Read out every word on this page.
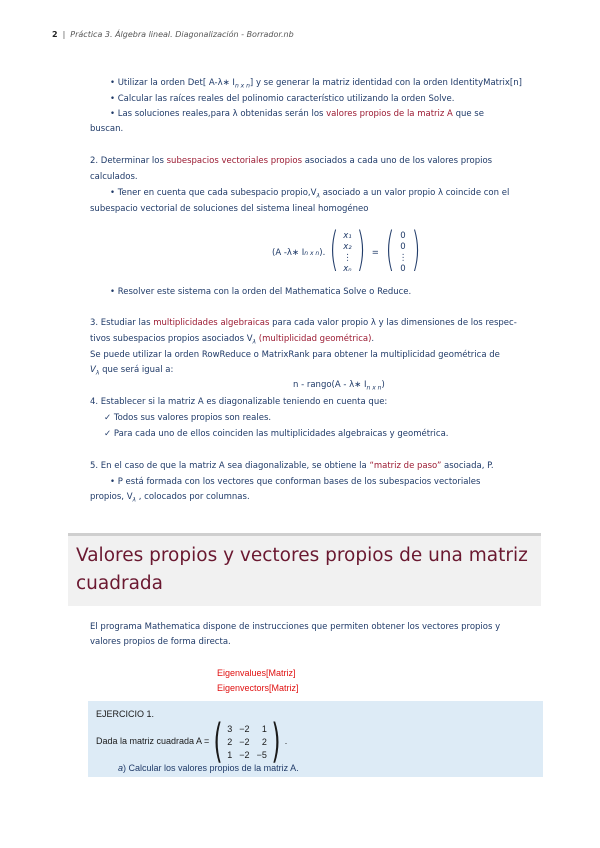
2 | Práctica 3. Álgebra lineal. Diagonalización - Borrador.nb
• Utilizar la orden Det[ A-λ∗ $I_{n x n}$] y se generar la matriz identidad con la orden IdentityMatrix[n]
• Calcular las raíces reales del polinomio característico utilizando la orden Solve.
• Las soluciones reales,para λ obtenidas serán los valores propios de la matriz A que se
buscan.
2. Determinar los subespacios vectoriales propios asociados a cada uno de los valores propios
calculados.
• Tener en cuenta que cada subespacio $propio,V_\lambda$ asociado a un valor propio λ coincide con el
subespacio vectorial de soluciones del sistema lineal homogéneo
(A -λ∗ I n x n ). ( x₁
x₂
⋮
xₙ ) = ( 0
0
⋮
0 )
• Resolver este sistema con la orden del Mathematica Solve o Reduce.
3. Estudiar las multiplicidades algebraicas para cada valor propio λ y las dimensiones de los respec-
tivos subespacios propios asociados $V_\lambda$ (multiplicidad geométrica).
Se puede utilizar la orden RowReduce o MatrixRank para obtener la multiplicidad geométrica de
$V_\lambda$ que será igual a:
n - rango(A - λ∗ $I_{n x n}$)
4. Establecer si la matriz A es diagonalizable teniendo en cuenta que:
✓ Todos sus valores propios son reales.
✓ Para cada uno de ellos coinciden las multiplicidades algebraicas y geométrica.
5. En el caso de que la matriz A sea diagonalizable, se obtiene la “matriz de paso” asociada, P.
• P está formada con los vectores que conforman bases de los subespacios vectoriales
propios, $V_\lambda$ , colocados por columnas.
Valores propios y vectores propios de una matriz cuadrada
El programa Mathematica dispone de instrucciones que permiten obtener los vectores propios y
valores propios de forma directa.
Eigenvalues[Matriz]
Eigenvectors[Matriz]
EJERCICIO 1.
Dada la matriz cuadrada A = ( 3 −2	1
2 −2	2
1 −2 −5 ) .
a) Calcular los valores propios de la matriz A.
